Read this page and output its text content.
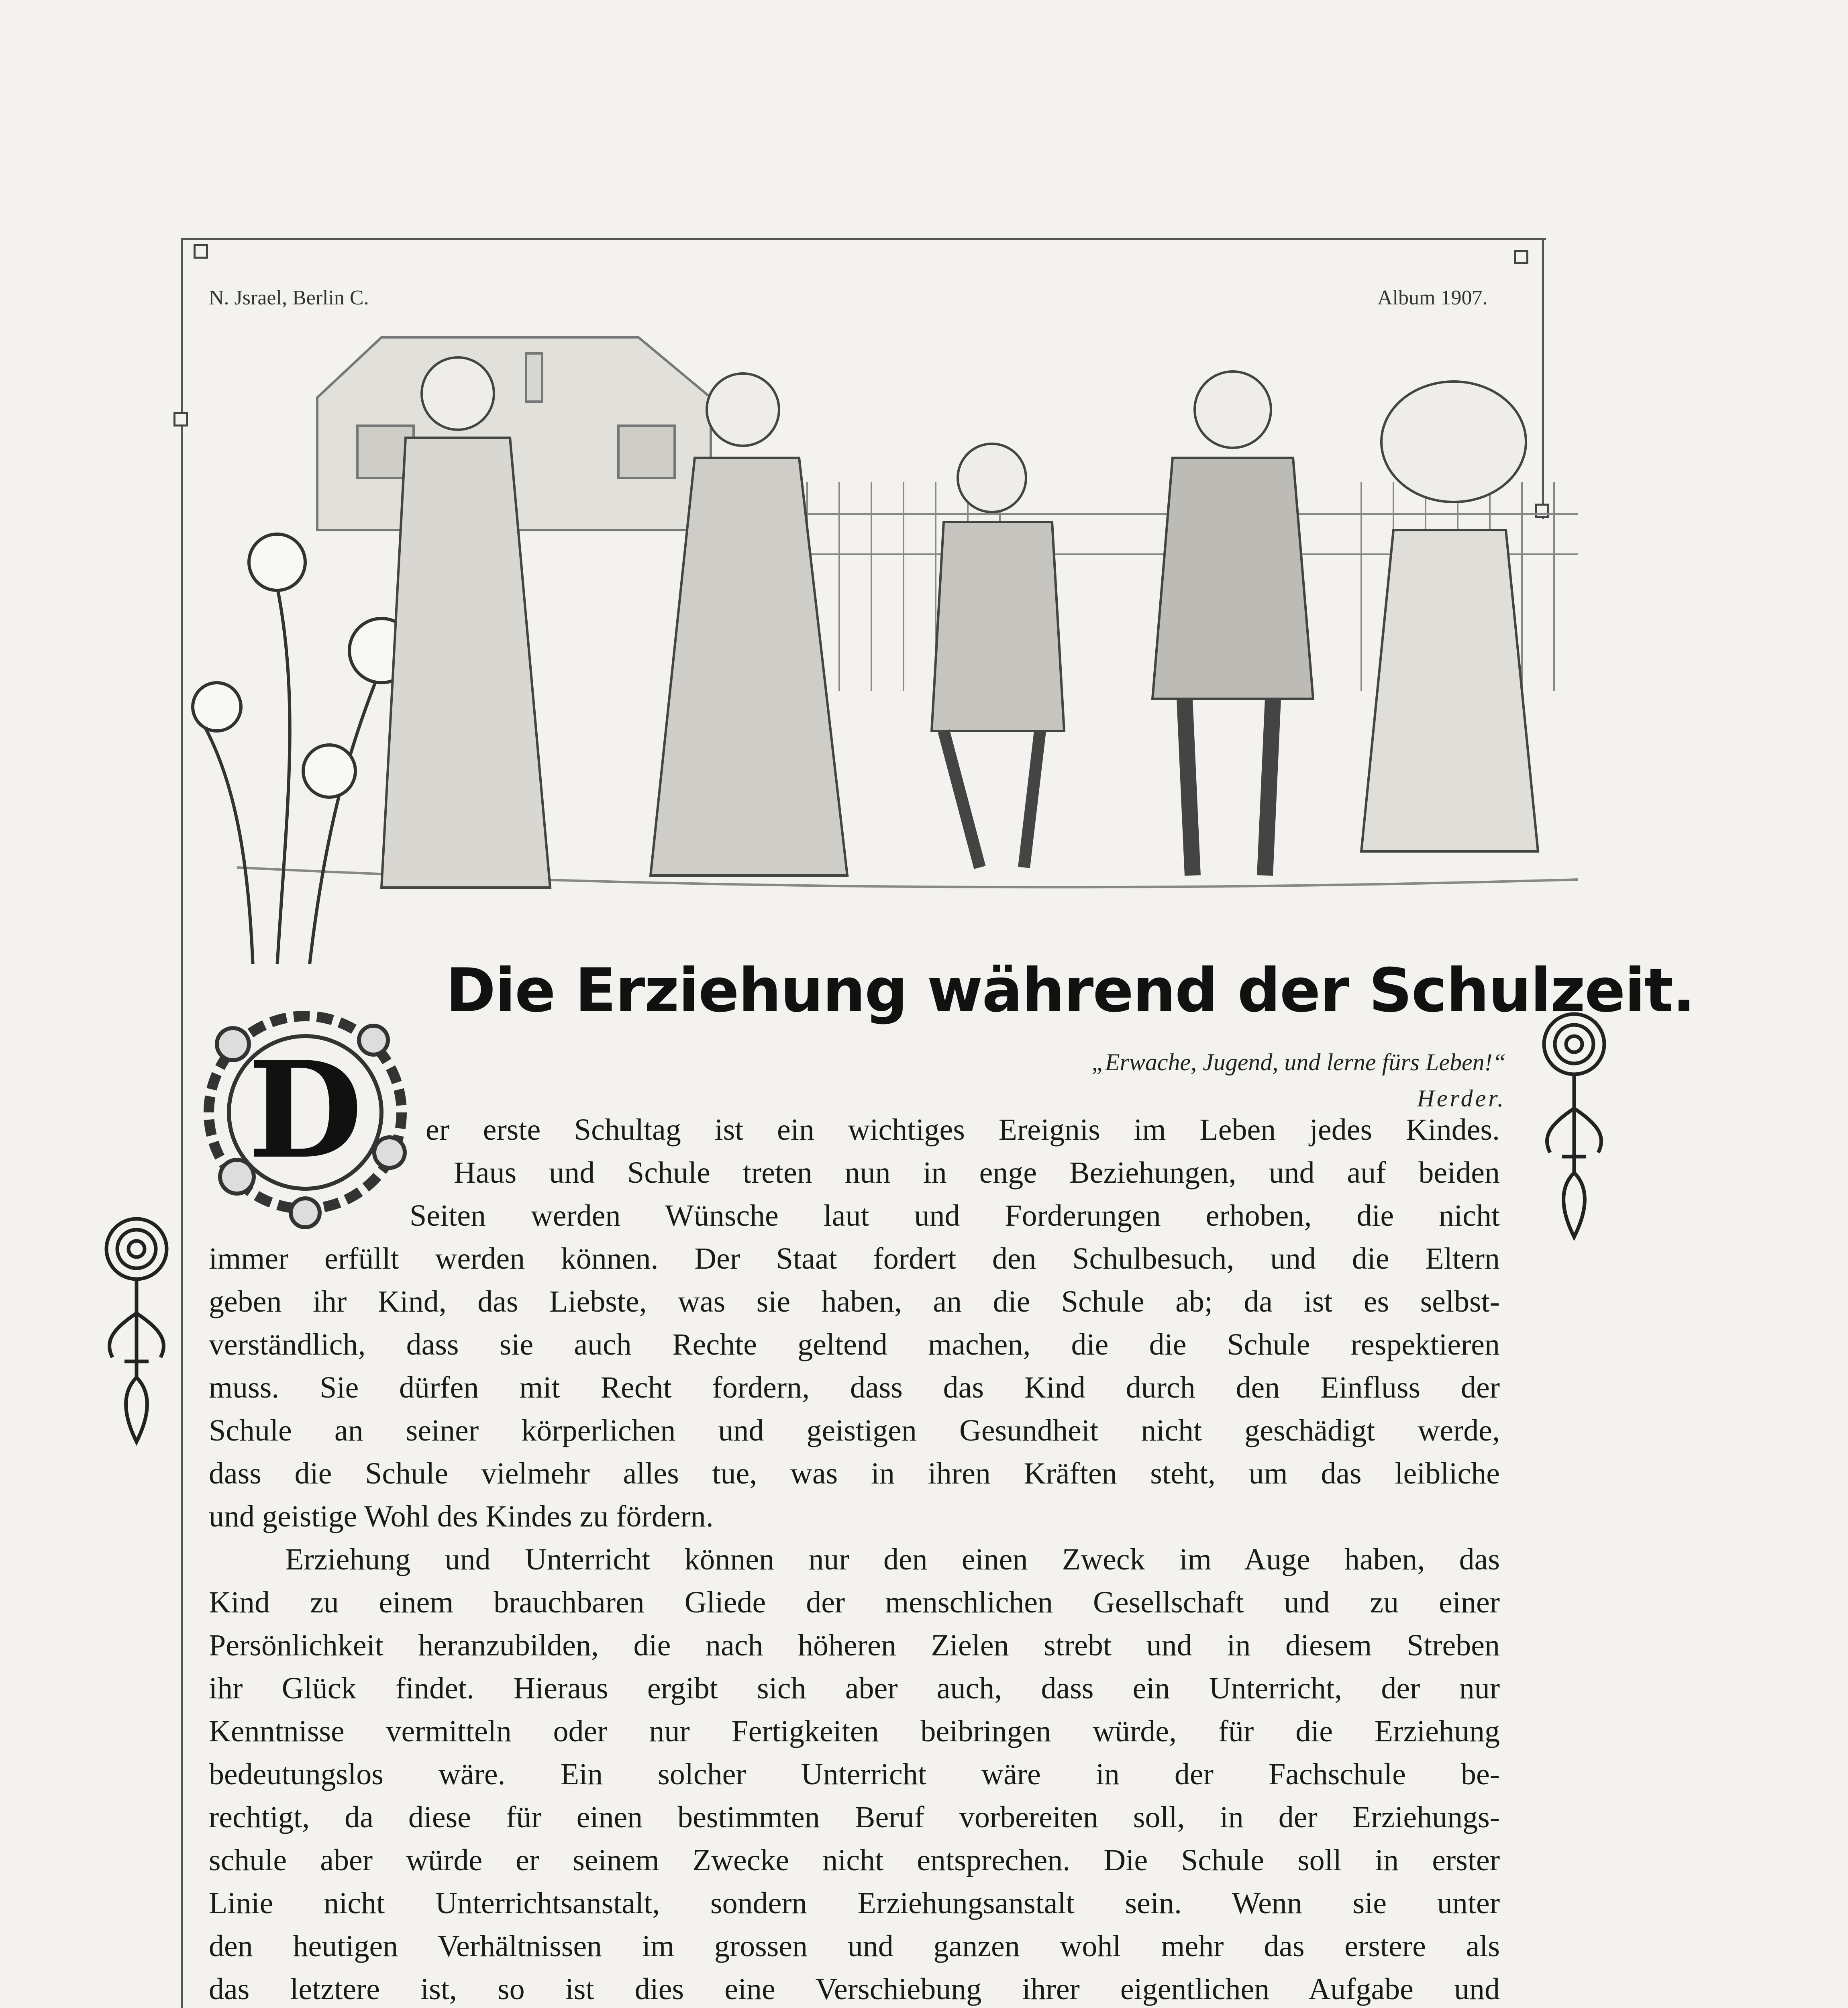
N. Jsrael, Berlin C.	Album 1907.
Die Erziehung während der Schulzeit.
„Erwache, Jugend, und lerne fürs Leben!“
Herder.
D	er erste Schultag ist ein wichtiges Ereignis im Leben jedes Kindes.
Haus und Schule treten nun in enge Beziehungen, und auf beiden
Seiten werden Wünsche laut und Forderungen erhoben, die nicht
immer erfüllt werden können. Der Staat fordert den Schulbesuch, und die Eltern
geben ihr Kind, das Liebste, was sie haben, an die Schule ab; da ist es selbst-
verständlich, dass sie auch Rechte geltend machen, die die Schule respektieren
muss. Sie dürfen mit Recht fordern, dass das Kind durch den Einfluss der
Schule an seiner körperlichen und geistigen Gesundheit nicht geschädigt werde,
dass die Schule vielmehr alles tue, was in ihren Kräften steht, um das leibliche
und geistige Wohl des Kindes zu fördern.
Erziehung und Unterricht können nur den einen Zweck im Auge haben, das
Kind zu einem brauchbaren Gliede der menschlichen Gesellschaft und zu einer
Persönlichkeit heranzubilden, die nach höheren Zielen strebt und in diesem Streben
ihr Glück findet. Hieraus ergibt sich aber auch, dass ein Unterricht, der nur
Kenntnisse vermitteln oder nur Fertigkeiten beibringen würde, für die Erziehung
bedeutungslos wäre. Ein solcher Unterricht wäre in der Fachschule be-
rechtigt, da diese für einen bestimmten Beruf vorbereiten soll, in der Erziehungs-
schule aber würde er seinem Zwecke nicht entsprechen. Die Schule soll in erster
Linie nicht Unterrichtsanstalt, sondern Erziehungsanstalt sein. Wenn sie unter
den heutigen Verhältnissen im grossen und ganzen wohl mehr das erstere als
das letztere ist, so ist dies eine Verschiebung ihrer eigentlichen Aufgabe und
